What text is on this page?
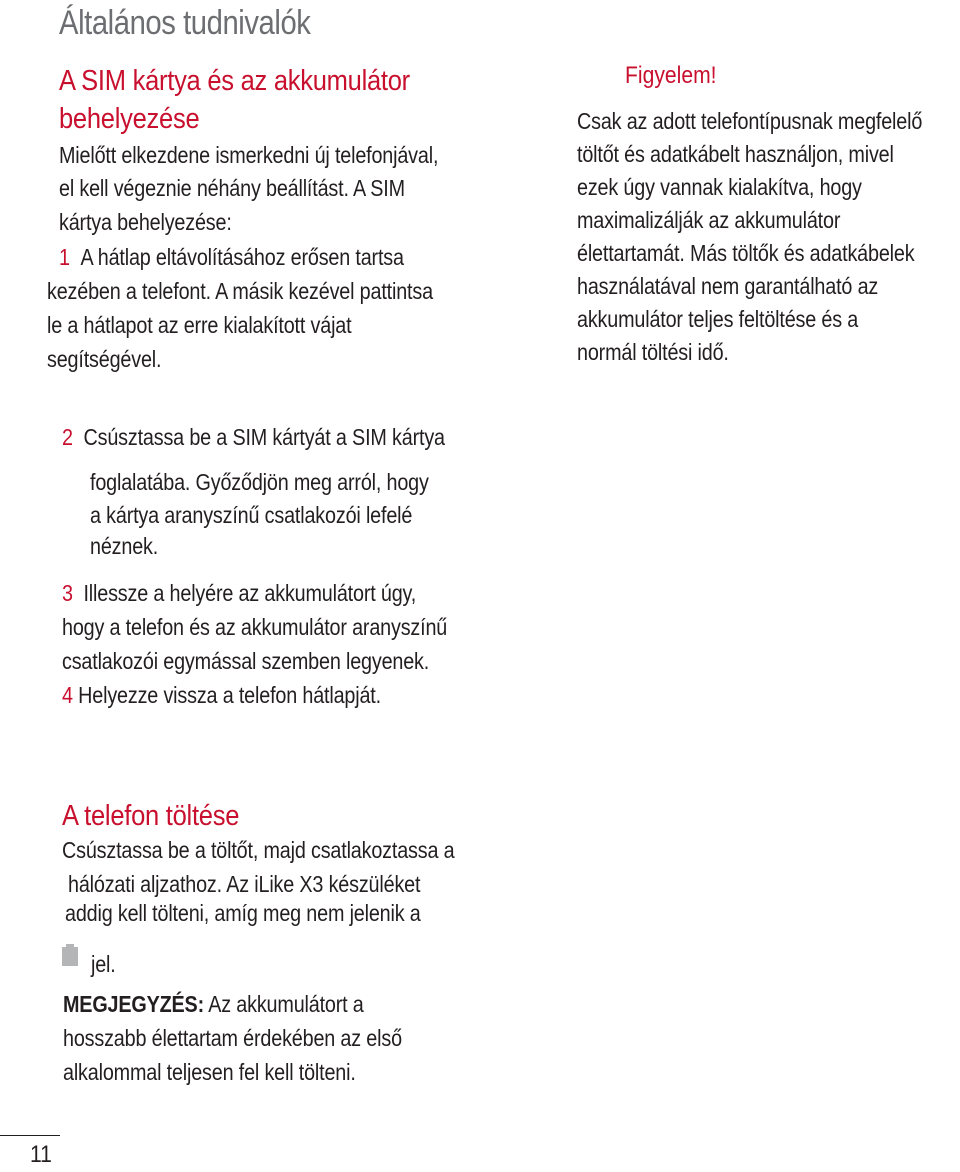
Általános tudnivalók
A SIM kártya és az akkumulátor
behelyezése
Mielőtt elkezdene ismerkedni új telefonjával,
el kell végeznie néhány beállítást. A SIM
kártya behelyezése:
1 A hátlap eltávolításához erősen tartsa
kezében a telefont. A másik kezével pattintsa
le a hátlapot az erre kialakított vájat
segítségével.
Figyelem!
Csak az adott telefontípusnak megfelelő
töltőt és adatkábelt használjon, mivel
ezek úgy vannak kialakítva, hogy
maximalizálják az akkumulátor
élettartamát. Más töltők és adatkábelek
használatával nem garantálható az
akkumulátor teljes feltöltése és a
normál töltési idő.
2 Csúsztassa be a SIM kártyát a SIM kártya
foglalatába. Győződjön meg arról, hogy
a kártya aranyszínű csatlakozói lefelé
néznek.
3 Illessze a helyére az akkumulátort úgy,
hogy a telefon és az akkumulátor aranyszínű
csatlakozói egymással szemben legyenek.
4 Helyezze vissza a telefon hátlapját.
A telefon töltése
Csúsztassa be a töltőt, majd csatlakoztassa a
hálózati aljzathoz. Az iLike X3 készüléket
addig kell tölteni, amíg meg nem jelenik a
jel.
MEGJEGYZÉS: Az akkumulátort a
hosszabb élettartam érdekében az első
alkalommal teljesen fel kell tölteni.
11
